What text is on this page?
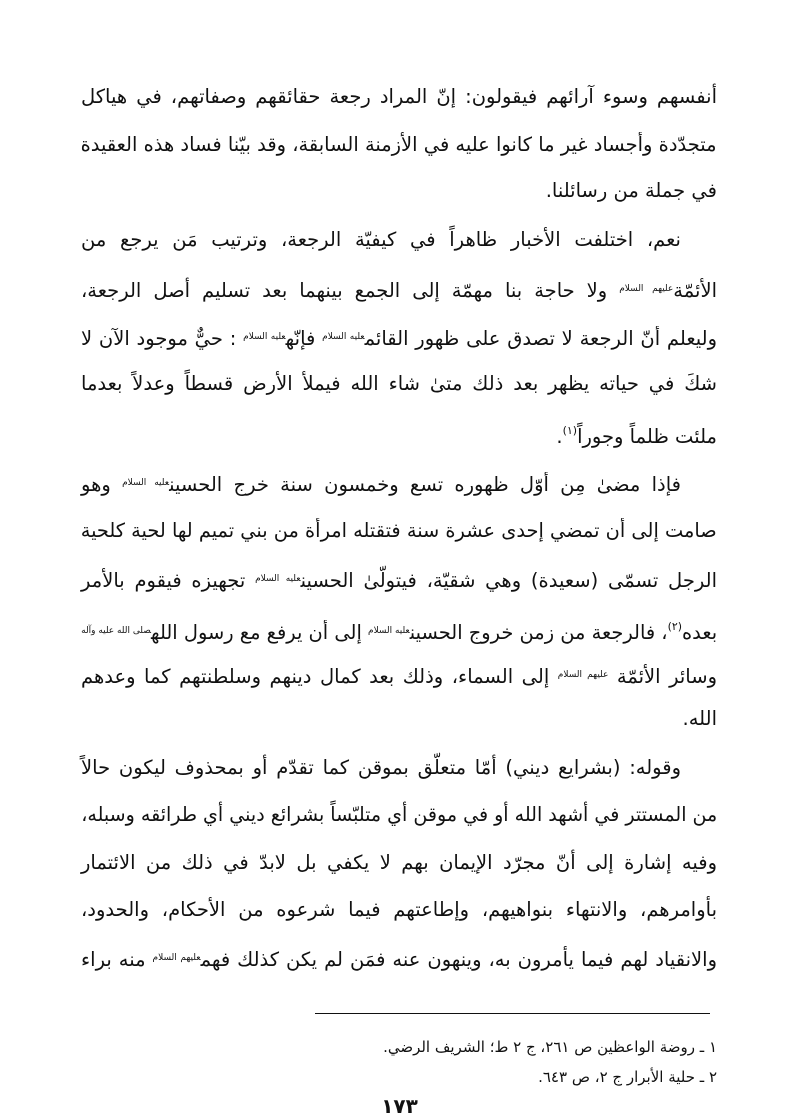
أنفسهم وسوء آرائهم فيقولون: إنّ المراد رجعة حقائقهم وصفاتهم، في هياكل
متجدّدة وأجساد غير ما كانوا عليه في الأزمنة السابقة، وقد بيّنا فساد هذه العقيدة
في جملة من رسائلنا.
نعم، اختلفت الأخبار ظاهراً في كيفيّة الرجعة، وترتيب مَن يرجع من
الأئمّة$^{عليهم السلام}$ ولا حاجة بنا مهمّة إلى الجمع بينهما بعد تسليم أصل الرجعة،
وليعلم أنّ الرجعة لا تصدق على ظهور القائم$^{عليه السلام}$ فإنّه$^{عليه السلام}$ : حيٌّ موجود الآن لا
شكَ في حياته يظهر بعد ذلك متىٰ شاء الله فيملأ الأرض قسطاً وعدلاً بعدما
ملئت ظلماً وجوراً$^{(١)}$.
فإذا مضىٰ مِن أوّل ظهوره تسع وخمسون سنة خرج الحسين$^{عليه السلام}$ وهو
صامت إلى أن تمضي إحدى عشرة سنة فتقتله امرأة من بني تميم لها لحية كلحية
الرجل تسمّى (سعيدة) وهي شقيّة، فيتولّىٰ الحسين$^{عليه السلام}$ تجهيزه فيقوم بالأمر
بعده$^{(٢)}$، فالرجعة من زمن خروج الحسين$^{عليه السلام}$ إلى أن يرفع مع رسول الله$^{صلى الله عليه وآله}$
وسائر الأئمّة $^{عليهم السلام}$ إلى السماء، وذلك بعد كمال دينهم وسلطنتهم كما وعدهم
الله.
وقوله: (بشرايع ديني) أمّا متعلّق بموقن كما تقدّم أو بمحذوف ليكون حالاً
من المستتر في أشهد الله أو في موقن أي متلبّساً بشرائع ديني أي طرائقه وسبله،
وفيه إشارة إلى أنّ مجرّد الإيمان بهم لا يكفي بل لابدّ في ذلك من الائتمار
بأوامرهم، والانتهاء بنواهيهم، وإطاعتهم فيما شرعوه من الأحكام، والحدود،
والانقياد لهم فيما يأمرون به، وينهون عنه فمَن لم يكن كذلك فهم$^{عليهم السلام}$ منه براء
١ ـ روضة الواعظين ص ٢٦١، ج ٢ ط؛ الشريف الرضي.
٢ ـ حلية الأبرار ج ٢، ص ٦٤٣.
١٧٣
